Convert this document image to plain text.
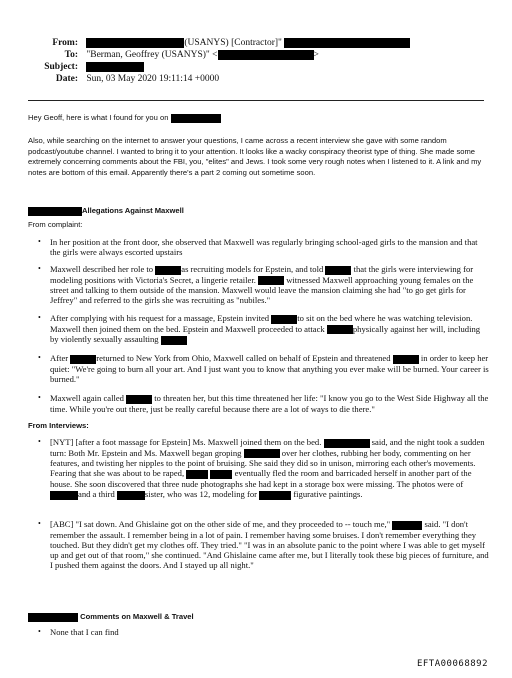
From:	(USANYS) [Contractor]"
To: "Berman, Geoffrey (USANYS)" <	>
Subject:
Date: Sun, 03 May 2020 19:11:14 +0000
Hey Geoff, here is what I found for you on
Also, while searching on the internet to answer your questions, I came across a recent interview she gave with some random podcast/youtube channel. I wanted to bring it to your attention. It looks like a wacky conspiracy theorist type of thing. She made some extremely concerning comments about the FBI, you, "elites" and Jews. I took some very rough notes when I listened to it. A link and my notes are bottom of this email. Apparently there's a part 2 coming out sometime soon.
Allegations Against Maxwell
From complaint:
• In her position at the front door, she observed that Maxwell was regularly bringing school-aged girls to the mansion and that the girls were always escorted upstairs
• Maxwell described her role to	as recruiting models for Epstein, and told	that the girls were interviewing for modeling positions with Victoria's Secret, a lingerie retailer.	witnessed Maxwell approaching young females on the street and talking to them outside of the mansion. Maxwell would leave the mansion claiming she had "to go get girls for Jeffrey" and referred to the girls she was recruiting as "nubiles."
• After complying with his request for a massage, Epstein invited	to sit on the bed where he was watching television. Maxwell then joined them on the bed. Epstein and Maxwell proceeded to attack	physically against her will, including by violently sexually assaulting
• After	returned to New York from Ohio, Maxwell called on behalf of Epstein and threatened	in order to keep her quiet: "We're going to burn all your art. And I just want you to know that anything you ever make will be burned. Your career is burned."
• Maxwell again called	to threaten her, but this time threatened her life: "I know you go to the West Side Highway all the time. While you're out there, just be really careful because there are a lot of ways to die there."
From Interviews:
• [NYT] [after a foot massage for Epstein] Ms. Maxwell joined them on the bed.	said, and the night took a sudden turn: Both Mr. Epstein and Ms. Maxwell began groping	over her clothes, rubbing her body, commenting on her features, and twisting her nipples to the point of bruising. She said they did so in unison, mirroring each other's movements. Fearing that she was about to be raped,	eventually fled the room and barricaded herself in another part of the house. She soon discovered that three nude photographs she had kept in a storage box were missing. The photos were of and a third	sister, who was 12, modeling for	figurative paintings.
• [ABC] "I sat down. And Ghislaine got on the other side of me, and they proceeded to -- touch me,"	said. "I don't remember the assault. I remember being in a lot of pain. I remember having some bruises. I don't remember everything they touched. But they didn't get my clothes off. They tried." "I was in an absolute panic to the point where I was able to get myself up and get out of that room," she continued. "And Ghislaine came after me, but I literally took these big pieces of furniture, and I pushed them against the doors. And I stayed up all night."
Comments on Maxwell & Travel
• None that I can find
EFTA00068892
